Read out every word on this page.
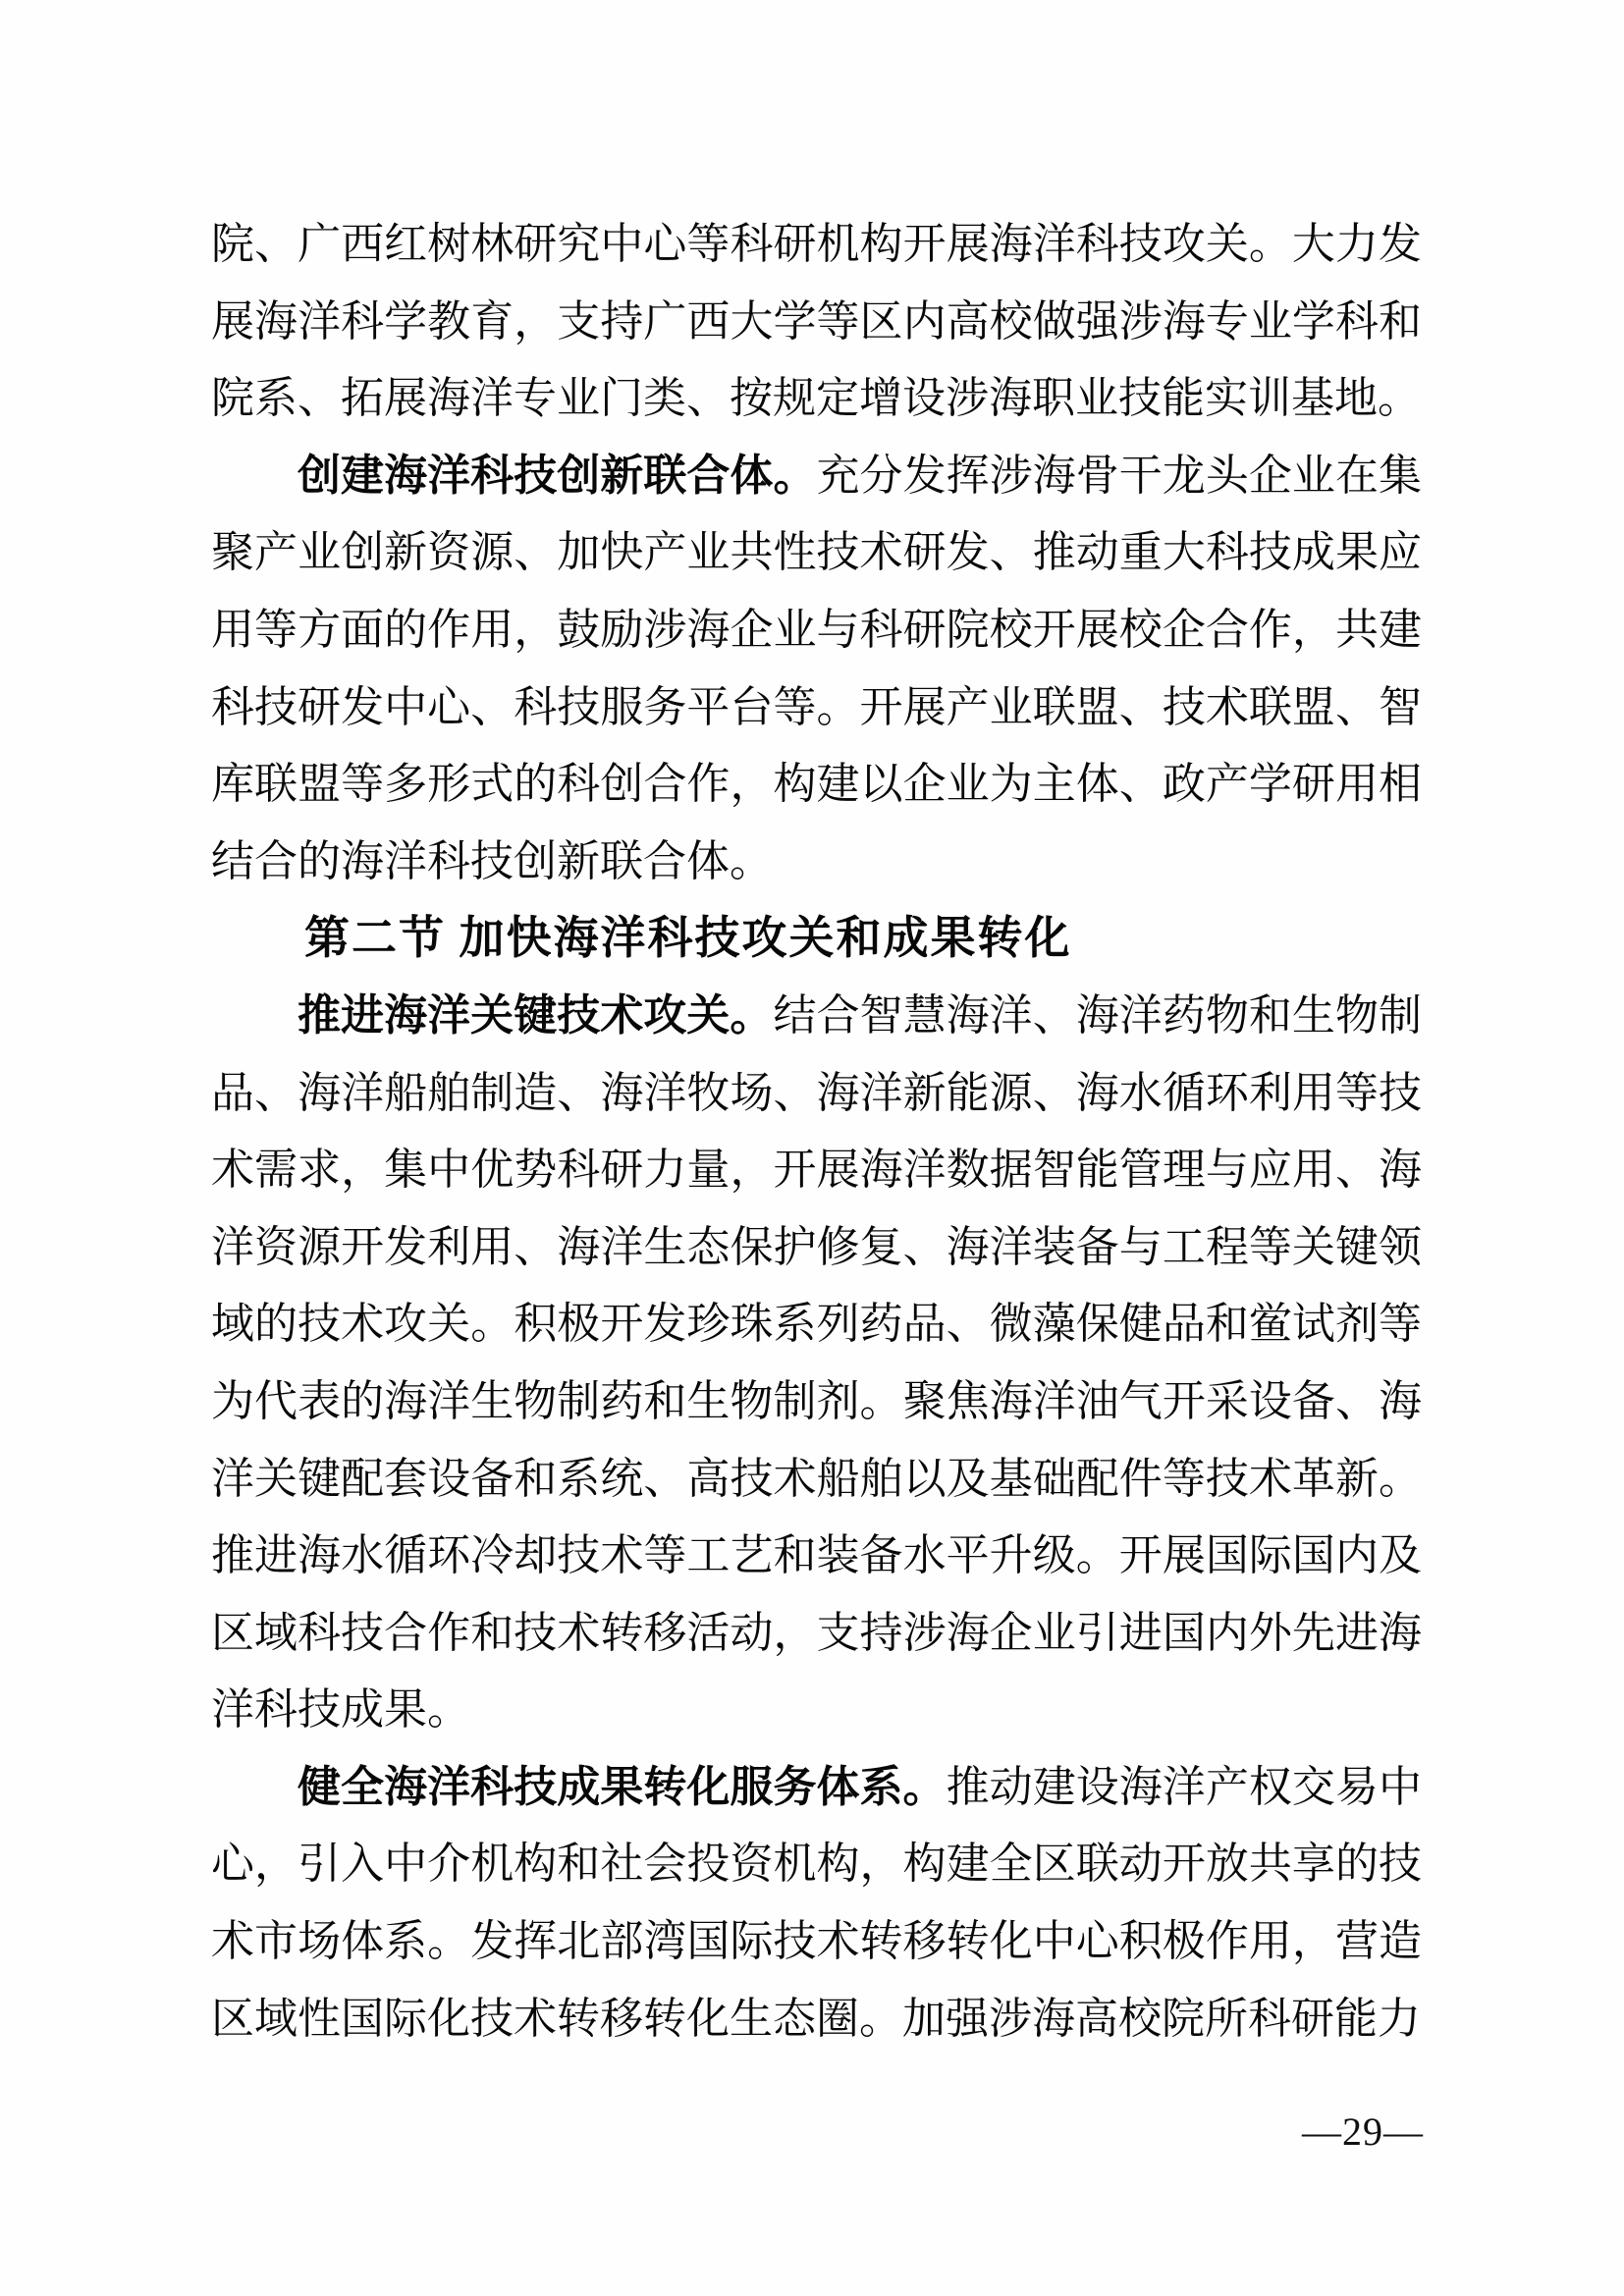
院、广西红树林研究中心等科研机构开展海洋科技攻关。大力发展海洋科学教育，支持广西大学等区内高校做强涉海专业学科和院系、拓展海洋专业门类、按规定增设涉海职业技能实训基地。

创建海洋科技创新联合体。充分发挥涉海骨干龙头企业在集聚产业创新资源、加快产业共性技术研发、推动重大科技成果应用等方面的作用，鼓励涉海企业与科研院校开展校企合作，共建科技研发中心、科技服务平台等。开展产业联盟、技术联盟、智库联盟等多形式的科创合作，构建以企业为主体、政产学研用相结合的海洋科技创新联合体。

第二节 加快海洋科技攻关和成果转化

推进海洋关键技术攻关。结合智慧海洋、海洋药物和生物制品、海洋船舶制造、海洋牧场、海洋新能源、海水循环利用等技术需求，集中优势科研力量，开展海洋数据智能管理与应用、海洋资源开发利用、海洋生态保护修复、海洋装备与工程等关键领域的技术攻关。积极开发珍珠系列药品、微藻保健品和鲎试剂等为代表的海洋生物制药和生物制剂。聚焦海洋油气开采设备、海洋关键配套设备和系统、高技术船舶以及基础配件等技术革新。推进海水循环冷却技术等工艺和装备水平升级。开展国际国内及区域科技合作和技术转移活动，支持涉海企业引进国内外先进海洋科技成果。

健全海洋科技成果转化服务体系。推动建设海洋产权交易中心，引入中介机构和社会投资机构，构建全区联动开放共享的技术市场体系。发挥北部湾国际技术转移转化中心积极作用，营造区域性国际化技术转移转化生态圈。加强涉海高校院所科研能力

—29—
